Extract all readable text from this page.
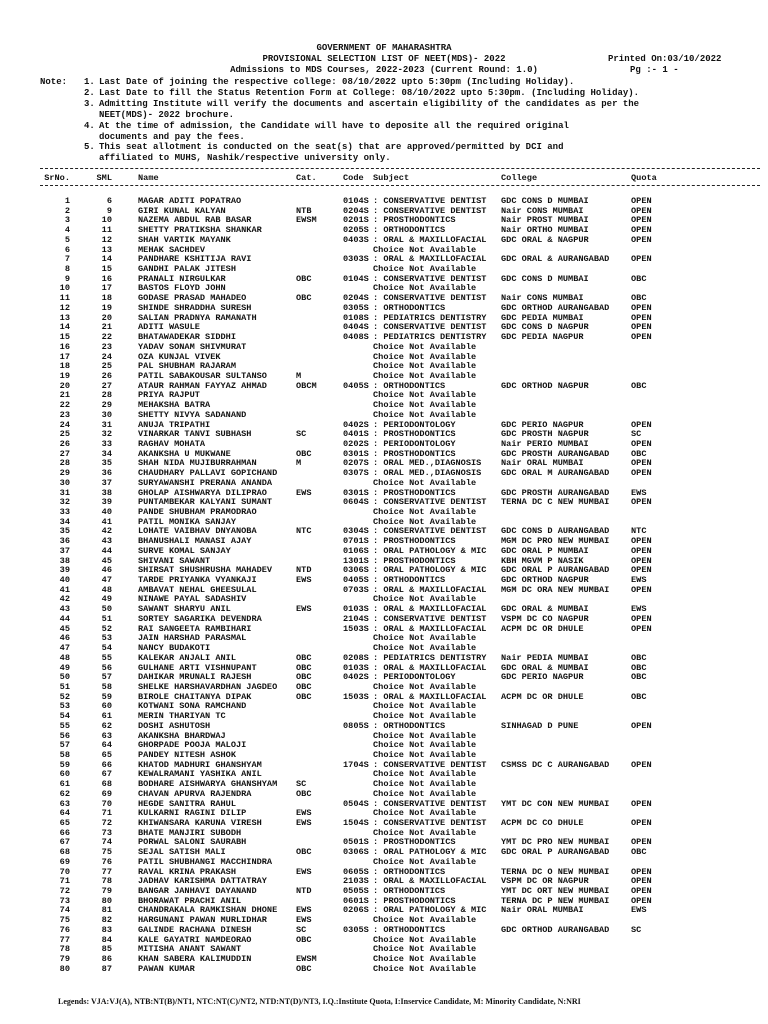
GOVERNMENT OF MAHARASHTRA
PROVISIONAL SELECTION LIST OF NEET(MDS)- 2022	Printed On:03/10/2022
Admissions to MDS Courses, 2022-2023 (Current Round: 1.0)	Pg :- 1 -
Note:	1. Last Date of joining the respective college: 08/10/2022 upto 5:30pm (Including Holiday).
2. Last Date to fill the Status Retention Form at College: 08/10/2022 upto 5:30pm. (Including Holiday).
3. Admitting Institute will verify the documents and ascertain eligibility of the candidates as per the
NEET(MDS)- 2022 brochure.
4. At the time of admission, the Candidate will have to deposite all the required original
documents and pay the fees.
5. This seat allotment is conducted on the seat(s) that are approved/permitted by DCI and
affiliated to MUHS, Nashik/respective university only.
SrNo.	SML	Name	Cat.	Code	Subject	College	Quota
1	6	MAGAR ADITI POPATRAO	0104S : CONSERVATIVE DENTIST	GDC CONS D MUMBAI	OPEN
2	9	GIRI KUNAL KALYAN	NTB	0204S : CONSERVATIVE DENTIST	Nair CONS MUMBAI	OPEN
3	10	NAZEMA ABDUL RAB BASAR	EWSM	0201S : PROSTHODONTICS	Nair PROST MUMBAI	OPEN
4	11	SHETTY PRATIKSHA SHANKAR	0205S : ORTHODONTICS	Nair ORTHO MUMBAI	OPEN
5	12	SHAH VARTIK MAYANK	0403S : ORAL & MAXILLOFACIAL	GDC ORAL & NAGPUR	OPEN
6	13	MEHAK SACHDEV	Choice Not Available
7	14	PANDHARE KSHITIJA RAVI	0303S : ORAL & MAXILLOFACIAL	GDC ORAL & AURANGABAD	OPEN
8	15	GANDHI PALAK JITESH	Choice Not Available
9	16	PRANALI NIRGULKAR	OBC	0104S : CONSERVATIVE DENTIST	GDC CONS D MUMBAI	OBC
10	17	BASTOS FLOYD JOHN	Choice Not Available
11	18	GODASE PRASAD MAHADEO	OBC	0204S : CONSERVATIVE DENTIST	Nair CONS MUMBAI	OBC
12	19	SHINDE SHRADDHA SURESH	0305S : ORTHODONTICS	GDC ORTHOD AURANGABAD	OPEN
13	20	SALIAN PRADNYA RAMANATH	0108S : PEDIATRICS DENTISTRY	GDC PEDIA MUMBAI	OPEN
14	21	ADITI WASULE	0404S : CONSERVATIVE DENTIST	GDC CONS D NAGPUR	OPEN
15	22	BHATAWADEKAR SIDDHI	0408S : PEDIATRICS DENTISTRY	GDC PEDIA NAGPUR	OPEN
16	23	YADAV SONAM SHIVMURAT	Choice Not Available
17	24	OZA KUNJAL VIVEK	Choice Not Available
18	25	PAL SHUBHAM RAJARAM	Choice Not Available
19	26	PATIL SABAKOUSAR SULTANSO	M	Choice Not Available
20	27	ATAUR RAHMAN FAYYAZ AHMAD	OBCM	0405S : ORTHODONTICS	GDC ORTHOD NAGPUR	OBC
21	28	PRIYA RAJPUT	Choice Not Available
22	29	MEHAKSHA BATRA	Choice Not Available
23	30	SHETTY NIVYA SADANAND	Choice Not Available
24	31	ANUJA TRIPATHI	0402S : PERIODONTOLOGY	GDC PERIO NAGPUR	OPEN
25	32	VINARKAR TANVI SUBHASH	SC	0401S : PROSTHODONTICS	GDC PROSTH NAGPUR	SC
26	33	RAGHAV MOHATA	0202S : PERIODONTOLOGY	Nair PERIO MUMBAI	OPEN
27	34	AKANKSHA U MUKWANE	OBC	0301S : PROSTHODONTICS	GDC PROSTH AURANGABAD	OBC
28	35	SHAH NIDA MUJIBURRAHMAN	M	0207S : ORAL MED.,DIAGNOSIS	Nair ORAL MUMBAI	OPEN
29	36	CHAUDHARY PALLAVI GOPICHAND	0307S : ORAL MED.,DIAGNOSIS	GDC ORAL M AURANGABAD	OPEN
30	37	SURYAWANSHI PRERANA ANANDA	Choice Not Available
31	38	GHOLAP AISHWARYA DILIPRAO	EWS	0301S : PROSTHODONTICS	GDC PROSTH AURANGABAD	EWS
32	39	PUNTAMBEKAR KALYANI SUMANT	0604S : CONSERVATIVE DENTIST	TERNA DC C NEW MUMBAI	OPEN
33	40	PANDE SHUBHAM PRAMODRAO	Choice Not Available
34	41	PATIL MONIKA SANJAY	Choice Not Available
35	42	LOHATE VAIBHAV DNYANOBA	NTC	0304S : CONSERVATIVE DENTIST	GDC CONS D AURANGABAD	NTC
36	43	BHANUSHALI MANASI AJAY	0701S : PROSTHODONTICS	MGM DC PRO NEW MUMBAI	OPEN
37	44	SURVE KOMAL SANJAY	0106S : ORAL PATHOLOGY & MIC	GDC ORAL P MUMBAI	OPEN
38	45	SHIVANI SAWANT	1301S : PROSTHODONTICS	KBH MGVM P NASIK	OPEN
39	46	SHIRSAT SHUSHRUSHA MAHADEV	NTD	0306S : ORAL PATHOLOGY & MIC	GDC ORAL P AURANGABAD	OPEN
40	47	TARDE PRIYANKA VYANKAJI	EWS	0405S : ORTHODONTICS	GDC ORTHOD NAGPUR	EWS
41	48	AMBAVAT NEHAL GHEESULAL	0703S : ORAL & MAXILLOFACIAL	MGM DC ORA NEW MUMBAI	OPEN
42	49	NINAWE PAYAL SADASHIV	Choice Not Available
43	50	SAWANT SHARYU ANIL	EWS	0103S : ORAL & MAXILLOFACIAL	GDC ORAL & MUMBAI	EWS
44	51	SORTEY SAGARIKA DEVENDRA	2104S : CONSERVATIVE DENTIST	VSPM DC CO NAGPUR	OPEN
45	52	RAI SANGEETA RAMBIHARI	1503S : ORAL & MAXILLOFACIAL	ACPM DC OR DHULE	OPEN
46	53	JAIN HARSHAD PARASMAL	Choice Not Available
47	54	NANCY BUDAKOTI	Choice Not Available
48	55	KALEKAR ANJALI ANIL	OBC	0208S : PEDIATRICS DENTISTRY	Nair PEDIA MUMBAI	OBC
49	56	GULHANE ARTI VISHNUPANT	OBC	0103S : ORAL & MAXILLOFACIAL	GDC ORAL & MUMBAI	OBC
50	57	DAHIKAR MRUNALI RAJESH	OBC	0402S : PERIODONTOLOGY	GDC PERIO NAGPUR	OBC
51	58	SHELKE HARSHAVARDHAN JAGDEO	OBC	Choice Not Available
52	59	BIROLE CHAITANYA DIPAK	OBC	1503S : ORAL & MAXILLOFACIAL	ACPM DC OR DHULE	OBC
53	60	KOTWANI SONA RAMCHAND	Choice Not Available
54	61	MERIN THARIYAN TC	Choice Not Available
55	62	DOSHI ASHUTOSH	0805S : ORTHODONTICS	SINHAGAD D PUNE	OPEN
56	63	AKANKSHA BHARDWAJ	Choice Not Available
57	64	GHORPADE POOJA MALOJI	Choice Not Available
58	65	PANDEY NITESH ASHOK	Choice Not Available
59	66	KHATOD MADHURI GHANSHYAM	1704S : CONSERVATIVE DENTIST	CSMSS DC C AURANGABAD	OPEN
60	67	KEWALRAMANI YASHIKA ANIL	Choice Not Available
61	68	BODHARE AISHWARYA GHANSHYAM	SC	Choice Not Available
62	69	CHAVAN APURVA RAJENDRA	OBC	Choice Not Available
63	70	HEGDE SANITRA RAHUL	0504S : CONSERVATIVE DENTIST	YMT DC CON NEW MUMBAI	OPEN
64	71	KULKARNI RAGINI DILIP	EWS	Choice Not Available
65	72	KHIWANSARA KARUNA VIRESH	EWS	1504S : CONSERVATIVE DENTIST	ACPM DC CO DHULE	OPEN
66	73	BHATE MANJIRI SUBODH	Choice Not Available
67	74	PORWAL SALONI SAURABH	0501S : PROSTHODONTICS	YMT DC PRO NEW MUMBAI	OPEN
68	75	SEJAL SATISH MALI	OBC	0306S : ORAL PATHOLOGY & MIC	GDC ORAL P AURANGABAD	OBC
69	76	PATIL SHUBHANGI MACCHINDRA	Choice Not Available
70	77	RAVAL KRINA PRAKASH	EWS	0605S : ORTHODONTICS	TERNA DC O NEW MUMBAI	OPEN
71	78	JADHAV KARISHMA DATTATRAY	2103S : ORAL & MAXILLOFACIAL	VSPM DC OR NAGPUR	OPEN
72	79	BANGAR JANHAVI DAYANAND	NTD	0505S : ORTHODONTICS	YMT DC ORT NEW MUMBAI	OPEN
73	80	BHORAWAT PRACHI ANIL	0601S : PROSTHODONTICS	TERNA DC P NEW MUMBAI	OPEN
74	81	CHANDRAKALA RAMKISHAN DHONE	EWS	0206S : ORAL PATHOLOGY & MIC	Nair ORAL MUMBAI	EWS
75	82	HARGUNANI PAWAN MURLIDHAR	EWS	Choice Not Available
76	83	GALINDE RACHANA DINESH	SC	0305S : ORTHODONTICS	GDC ORTHOD AURANGABAD	SC
77	84	KALE GAYATRI NAMDEORAO	OBC	Choice Not Available
78	85	MITISHA ANANT SAWANT	Choice Not Available
79	86	KHAN SABERA KALIMUDDIN	EWSM	Choice Not Available
80	87	PAWAN KUMAR	OBC	Choice Not Available
Legends: VJA:VJ(A), NTB:NT(B)/NT1, NTC:NT(C)/NT2, NTD:NT(D)/NT3, I.Q.:Institute Quota, I:Inservice Candidate, M: Minority Candidate, N:NRI
